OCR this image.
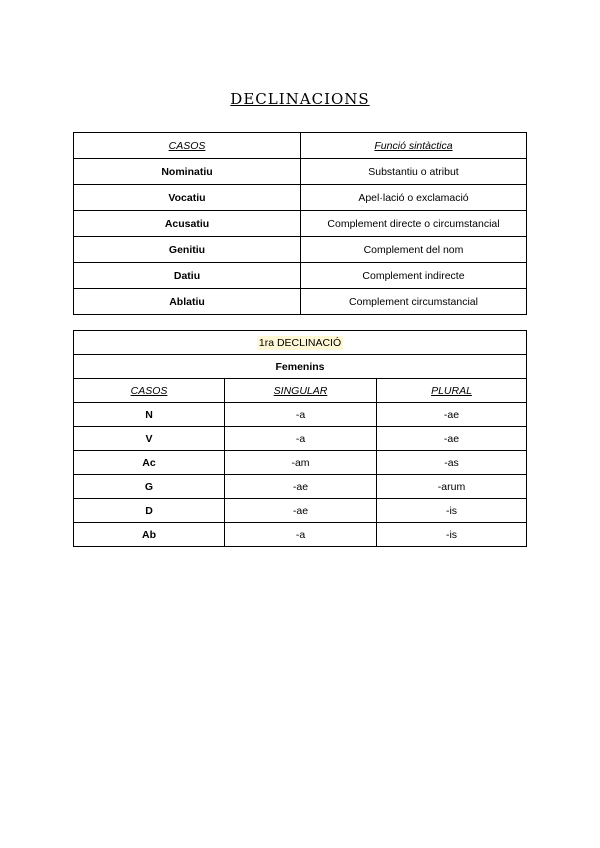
DECLINACIONS
CASOS	Funció sintàctica
Nominatiu	Substantiu o atribut
Vocatiu	Apel·lació o exclamació
Acusatiu	Complement directe o circumstancial
Genitiu	Complement del nom
Datiu	Complement indirecte
Ablatiu	Complement circumstancial
1ra DECLINACIÓ		
Femenins		
CASOS	SINGULAR	PLURAL
N	-a	-ae
V	-a	-ae
Ac	-am	-as
G	-ae	-arum
D	-ae	-is
Ab	-a	-is
